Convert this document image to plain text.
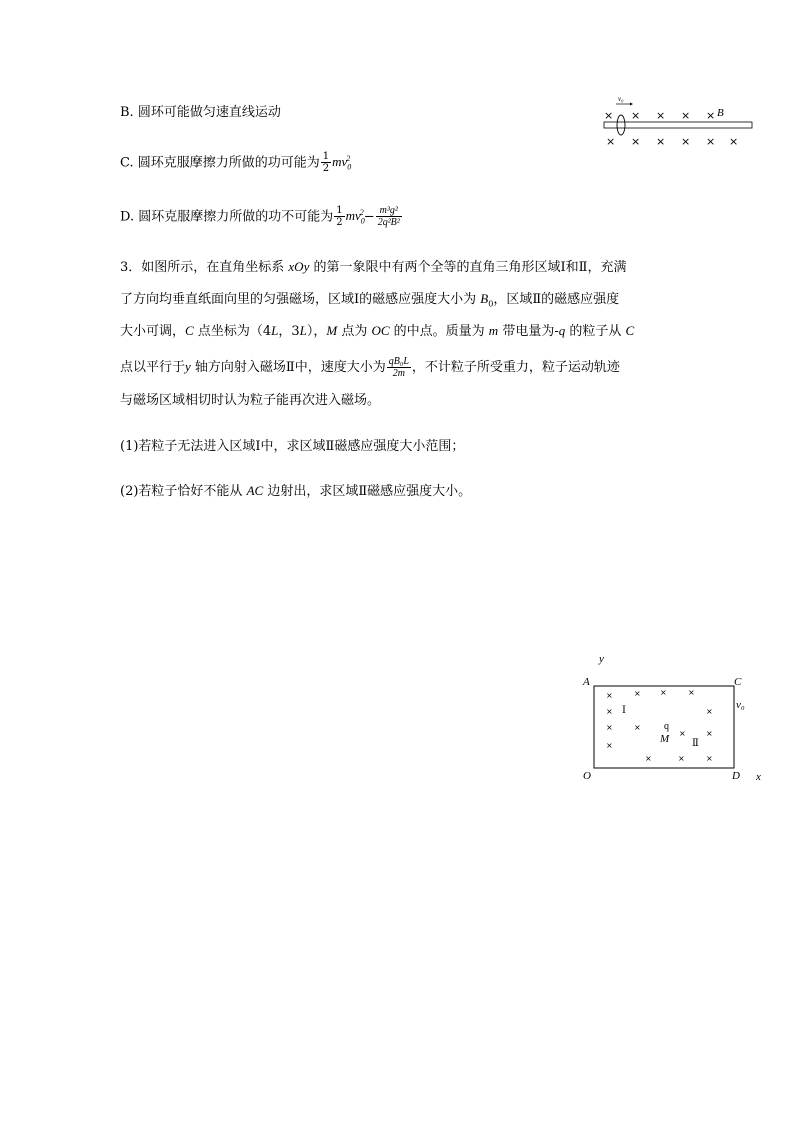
v₀
× × × × × B
× × × × × ×
B. 圆环可能做匀速直线运动
C. 圆环克服摩擦力所做的功可能为 $\frac{1}{2} mv_0^2$
D. 圆环克服摩擦力所做的功不可能为 $\frac{1}{2} mv_0^2- \frac{\text{m³g²}}{\text{2q²B²}}$
3．如图所示，在直角坐标系 xOy 的第一象限中有两个全等的直角三角形区域Ⅰ和Ⅱ，充满
了方向均垂直纸面向里的匀强磁场，区域Ⅰ的磁感应强度大小为 $B_0$，区域Ⅱ的磁感应强度
大小可调，C 点坐标为（4L，3L），M 点为 OC 的中点。质量为 m 带电量为-q 的粒子从 C
点以平行于y 轴方向射入磁场Ⅱ中，速度大小为 $\frac{\text{qB₀L}}{2m}$ ，不计粒子所受重力，粒子运动轨迹
与磁场区域相切时认为粒子能再次进入磁场。
(1)若粒子无法进入区域Ⅰ中，求区域Ⅱ磁感应强度大小范围；
(2)若粒子恰好不能从 AC 边射出，求区域Ⅱ磁感应强度大小。
y
A	C
O	D x
v₀
Ⅰ
Ⅱ
M
q
×	× ×	×
×	×
×	×
×	×
×
×	×	×
